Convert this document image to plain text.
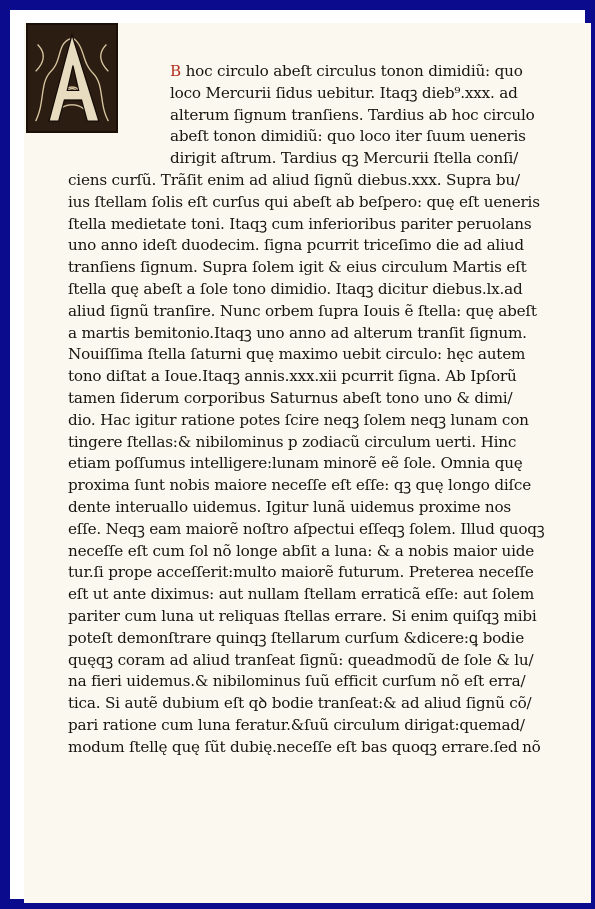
B hoc circulo abeſt circulus tonon dimidiũ: quo
loco Mercurii ſidus uebitur. Itaqꝫ dieb⁹.xxx. ad
alterum ſignum tranſiens. Tardius ab hoc circulo
abeſt tonon dimidiũ: quo loco iter ſuum ueneris
dirigit aſtrum. Tardius qꝫ Mercurii ſtella conſi/
ciens curſũ. Trãſit enim ad aliud ſignũ diebus.xxx. Supra bu/
ius ſtellam ſolis eſt curſus qui abeſt ab beſpero: quę eſt ueneris
ſtella medietate toni. Itaqꝫ cum inferioribus pariter peruolans
uno anno ideſt duodecim. ſigna pcurrit triceſimo die ad aliud
tranſiens ſignum. Supra ſolem igit & eius circulum Martis eſt
ſtella quę abeſt a ſole tono dimidio. Itaqꝫ dicitur diebus.lx.ad
aliud ſignũ tranſire. Nunc orbem ſupra Iouis ẽ ſtella: quę abeſt
a martis bemitonio.Itaqꝫ uno anno ad alterum tranſit ſignum.
Nouiſſima ſtella ſaturni quę maximo uebit circulo: hęc autem
tono diſtat a Ioue.Itaqꝫ annis.xxx.xii pcurrit ſigna. Ab Ipſorũ
tamen ſiderum corporibus Saturnus abeſt tono uno & dimi/
dio. Hac igitur ratione potes ſcire neqꝫ ſolem neqꝫ lunam con
tingere ſtellas:& nibilominus p zodiacũ circulum uerti. Hinc
etiam poſſumus intelligere:lunam minorẽ eẽ ſole. Omnia quę
proxima ſunt nobis maiore neceſſe eſt eſſe: qꝫ quę longo diſce
dente interuallo uidemus. Igitur lunã uidemus proxime nos
eſſe. Neqꝫ eam maiorẽ noſtro aſpectui eſſeqꝫ ſolem. Illud quoqꝫ
neceſſe eſt cum ſol nõ longe abſit a luna: & a nobis maior uide
tur.ſi prope acceſſerit:multo maiorẽ futurum. Preterea neceſſe
eſt ut ante diximus: aut nullam ſtellam erraticã eſſe: aut ſolem
pariter cum luna ut reliquas ſtellas errare. Si enim quiſqꝫ mibi
poteſt demonſtrare quinqꝫ ſtellarum curſum &dicere:ꝗ bodie
quęqꝫ coram ad aliud tranſeat ſignũ: queadmodũ de ſole & lu/
na fieri uidemus.& nibilominus ſuũ efficit curſum nõ eſt erra/
tica. Si autẽ dubium eſt qꝺ bodie tranſeat:& ad aliud ſignũ cõ/
pari ratione cum luna feratur.&ſuũ circulum dirigat:quemad/
modum ſtellę quę ſũt dubię.neceſſe eſt bas quoqꝫ errare.ſed nõ
